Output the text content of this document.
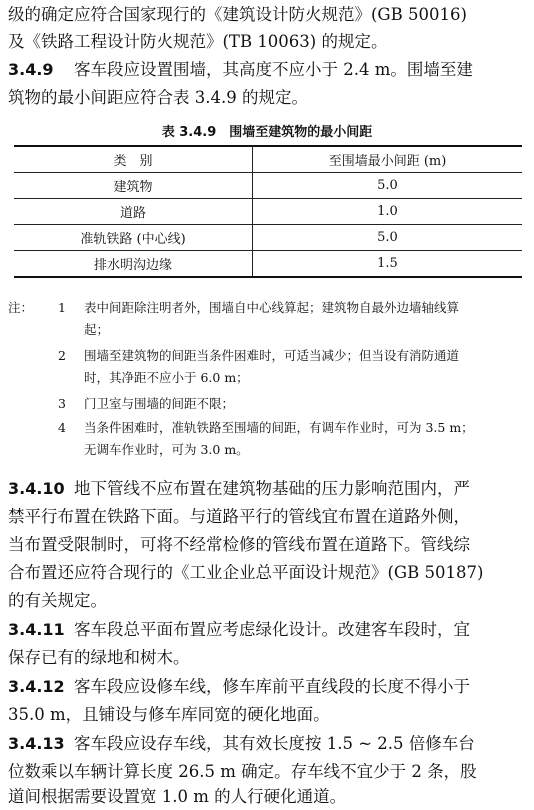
级的确定应符合国家现行的《建筑设计防火规范》(GB 50016)
及《铁路工程设计防火规范》(TB 10063) 的规定。
3.4.9 客车段应设置围墙，其高度不应小于 2.4 m。围墙至建
筑物的最小间距应符合表 3.4.9 的规定。
表 3.4.9　围墙至建筑物的最小间距
类　别	至围墙最小间距 (m)
建筑物	5.0
道路	1.0
准轨铁路 (中心线)	5.0
排水明沟边缘	1.5
注： 1 表中间距除注明者外，围墙自中心线算起；建筑物自最外边墙轴线算
起；
2 围墙至建筑物的间距当条件困难时，可适当减少；但当设有消防通道
时，其净距不应小于 6.0 m；
3 门卫室与围墙的间距不限；
4 当条件困难时，准轨铁路至围墙的间距，有调车作业时，可为 3.5 m；
无调车作业时，可为 3.0 m。
3.4.10 地下管线不应布置在建筑物基础的压力影响范围内，严
禁平行布置在铁路下面。与道路平行的管线宜布置在道路外侧，
当布置受限制时，可将不经常检修的管线布置在道路下。管线综
合布置还应符合现行的《工业企业总平面设计规范》(GB 50187)
的有关规定。
3.4.11 客车段总平面布置应考虑绿化设计。改建客车段时，宜
保存已有的绿地和树木。
3.4.12 客车段应设修车线，修车库前平直线段的长度不得小于
35.0 m，且铺设与修车库同宽的硬化地面。
3.4.13 客车段应设存车线，其有效长度按 1.5 ~ 2.5 倍修车台
位数乘以车辆计算长度 26.5 m 确定。存车线不宜少于 2 条，股
道间根据需要设置宽 1.0 m 的人行硬化通道。
